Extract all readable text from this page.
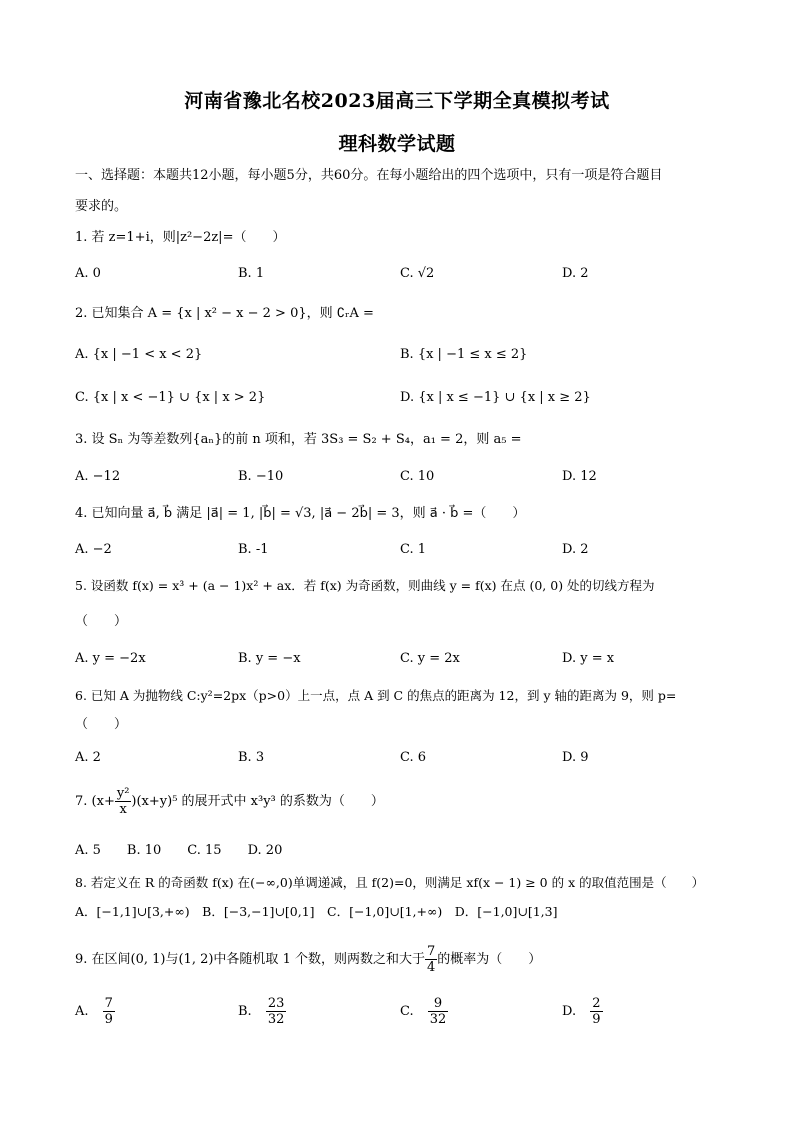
河南省豫北名校2023届高三下学期全真模拟考试
理科数学试题
一、选择题：本题共12小题，每小题5分，共60分。在每小题给出的四个选项中，只有一项是符合题目
要求的。
1. 若 z=1+i，则|z²−2z|=（　　）
A. 0	B. 1	C. √2	D. 2
2. 已知集合 A = {x | x² − x − 2 > 0}，则 ∁ᵣA =
A. {x | −1 < x < 2}	B. {x | −1 ≤ x ≤ 2}
C. {x | x < −1} ∪ {x | x > 2}	D. {x | x ≤ −1} ∪ {x | x ≥ 2}
3. 设 Sₙ 为等差数列{aₙ}的前 n 项和，若 3S₃ = S₂ + S₄，a₁ = 2，则 a₅ =
A. −12	B. −10	C. 10	D. 12
4. 已知向量 a⃗, b⃗ 满足 |a⃗| = 1, |b⃗| = √3, |a⃗ − 2b⃗| = 3，则 a⃗ · b⃗ =（　　）
A. −2	B. -1	C. 1	D. 2
5. 设函数 f(x) = x³ + (a − 1)x² + ax．若 f(x) 为奇函数，则曲线 y = f(x) 在点 (0, 0) 处的切线方程为
（　　）
A. y = −2x	B. y = −x	C. y = 2x	D. y = x
6. 已知 A 为抛物线 C:y²=2px（p>0）上一点，点 A 到 C 的焦点的距离为 12，到 y 轴的距离为 9，则 p=
（　　）
A. 2	B. 3	C. 6	D. 9
7. $(x+ \frac{\text{y²}}{x} )(x+y)^5$ 的展开式中 x³y³ 的系数为（　　）
A. 5　　B. 10　　C. 15　　D. 20
8. 若定义在 R 的奇函数 f(x) 在(−∞,0)单调递减，且 f(2)=0，则满足 xf(x − 1) ≥ 0 的 x 的取值范围是（　　）
A．[−1,1]∪[3,+∞)　B．[−3,−1]∪[0,1]　C．[−1,0]∪[1,+∞)　D．[−1,0]∪[1,3]
9. 在区间(0, 1)与(1, 2)中各随机取 1 个数，则两数之和大于 $\frac{7}{4}$ 的概率为（　　）
A. $\frac{7}{9}$	B. $\frac{23}{32}$	C. $\frac{9}{32}$	D. $\frac{2}{9}$
